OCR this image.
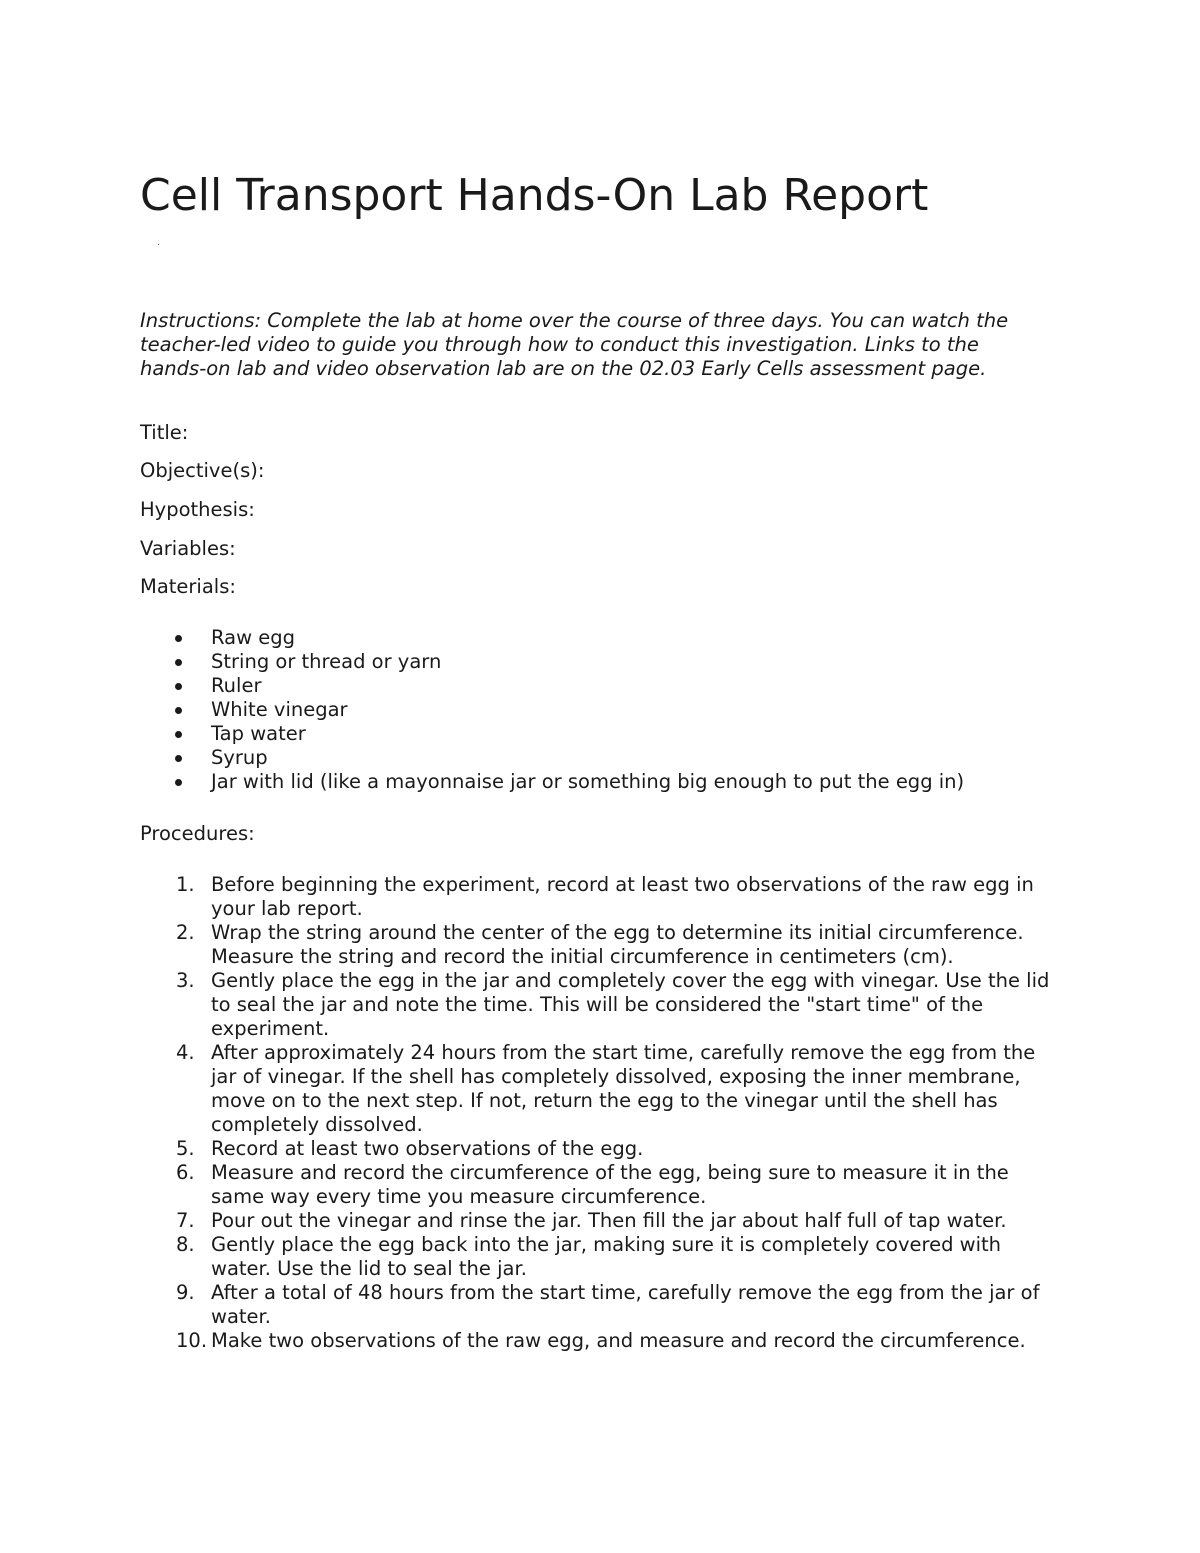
Cell Transport Hands-On Lab Report
·

Instructions: Complete the lab at home over the course of three days. You can watch the teacher-led video to guide you through how to conduct this investigation. Links to the hands-on lab and video observation lab are on the 02.03 Early Cells assessment page.

Title:

Objective(s):

Hypothesis:

Variables:

Materials:

Raw egg
String or thread or yarn
Ruler
White vinegar
Tap water
Syrup
Jar with lid (like a mayonnaise jar or something big enough to put the egg in)

Procedures:

1. Before beginning the experiment, record at least two observations of the raw egg in your lab report.
2. Wrap the string around the center of the egg to determine its initial circumference. Measure the string and record the initial circumference in centimeters (cm).
3. Gently place the egg in the jar and completely cover the egg with vinegar. Use the lid to seal the jar and note the time. This will be considered the "start time" of the experiment.
4. After approximately 24 hours from the start time, carefully remove the egg from the jar of vinegar. If the shell has completely dissolved, exposing the inner membrane, move on to the next step. If not, return the egg to the vinegar until the shell has completely dissolved.
5. Record at least two observations of the egg.
6. Measure and record the circumference of the egg, being sure to measure it in the same way every time you measure circumference.
7. Pour out the vinegar and rinse the jar. Then fill the jar about half full of tap water.
8. Gently place the egg back into the jar, making sure it is completely covered with water. Use the lid to seal the jar.
9. After a total of 48 hours from the start time, carefully remove the egg from the jar of water.
10. Make two observations of the raw egg, and measure and record the circumference.
